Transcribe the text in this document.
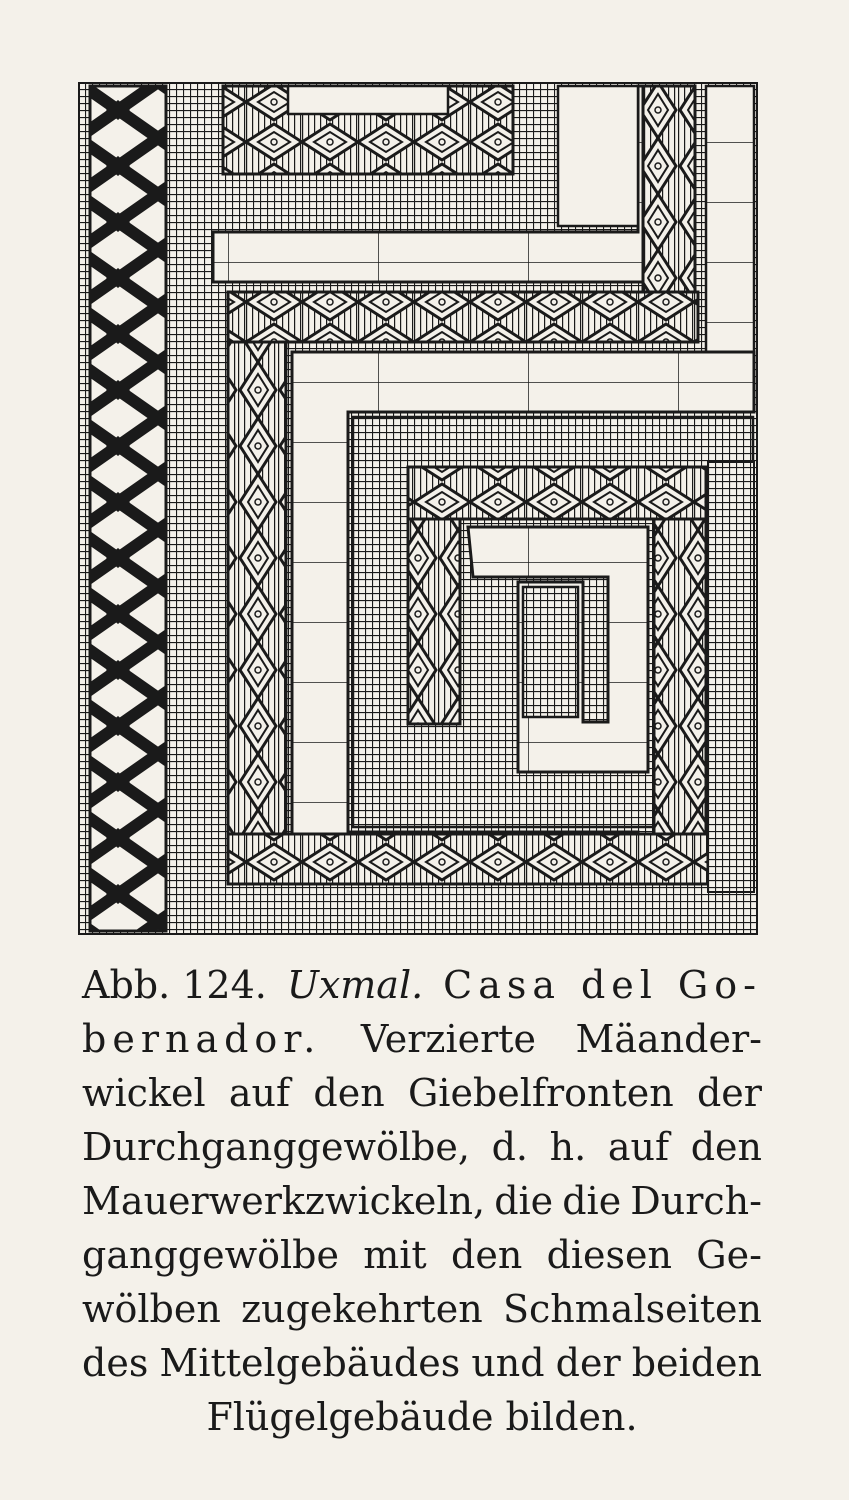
Abb. 124. Uxmal. Casa del Go-
bernador. Verzierte Mäander-
wickel auf den Giebelfronten der
Durchganggewölbe, d. h. auf den
Mauerwerkzwickeln, die die Durch-
ganggewölbe mit den diesen Ge-
wölben zugekehrten Schmalseiten
des Mittelgebäudes und der beiden
Flügelgebäude bilden.
